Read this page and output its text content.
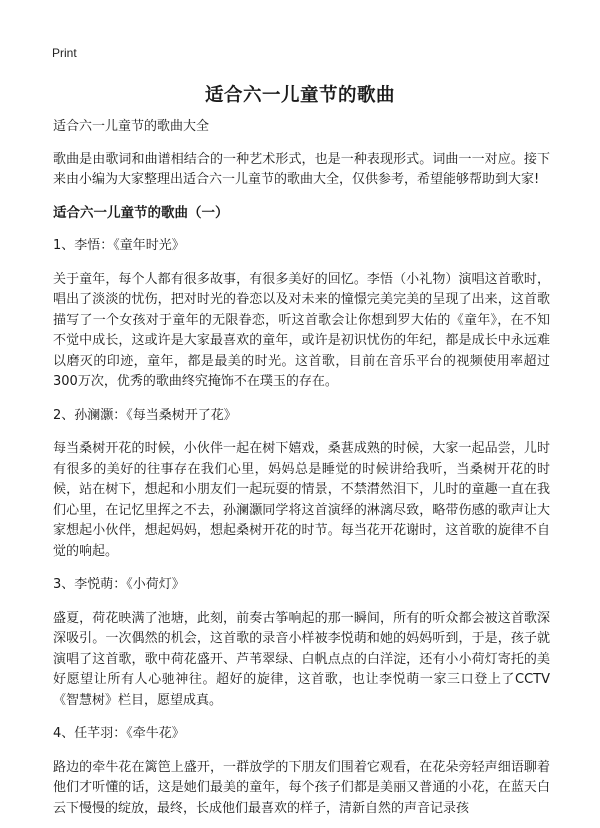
Print
适合六一儿童节的歌曲

适合六一儿童节的歌曲大全

歌曲是由歌词和曲谱相结合的一种艺术形式，也是一种表现形式。词曲一一对应。接下来由小编为大家整理出适合六一儿童节的歌曲大全，仅供参考，希望能够帮助到大家!

适合六一儿童节的歌曲（一）

1、李悟：《童年时光》

关于童年，每个人都有很多故事，有很多美好的回忆。李悟（小礼物）演唱这首歌时，唱出了淡淡的忧伤，把对时光的眷恋以及对未来的憧憬完美完美的呈现了出来，这首歌描写了一个女孩对于童年的无限眷恋，听这首歌会让你想到罗大佑的《童年》，在不知不觉中成长，这或许是大家最喜欢的童年，或许是初识忧伤的年纪，都是成长中永远难以磨灭的印迹，童年，都是最美的时光。这首歌，目前在音乐平台的视频使用率超过300万次，优秀的歌曲终究掩饰不在璞玉的存在。

2、孙澜灏：《每当桑树开了花》

每当桑树开花的时候，小伙伴一起在树下嬉戏，桑葚成熟的时候，大家一起品尝，儿时有很多的美好的往事存在我们心里，妈妈总是睡觉的时候讲给我听，当桑树开花的时候，站在树下，想起和小朋友们一起玩耍的情景，不禁潸然泪下，儿时的童趣一直在我们心里，在记忆里挥之不去，孙澜灏同学将这首演绎的淋漓尽致，略带伤感的歌声让大家想起小伙伴，想起妈妈，想起桑树开花的时节。每当花开花谢时，这首歌的旋律不自觉的响起。

3、李悦萌：《小荷灯》

盛夏，荷花映满了池塘，此刻，前奏古筝响起的那一瞬间，所有的听众都会被这首歌深深吸引。一次偶然的机会，这首歌的录音小样被李悦萌和她的妈妈听到，于是，孩子就演唱了这首歌，歌中荷花盛开、芦苇翠绿、白帆点点的白洋淀，还有小小荷灯寄托的美好愿望让所有人心驰神往。超好的旋律，这首歌，也让李悦萌一家三口登上了CCTV《智慧树》栏目，愿望成真。

4、任芊羽：《牵牛花》

路边的牵牛花在篱笆上盛开，一群放学的下朋友们围着它观看，在花朵旁轻声细语聊着他们才听懂的话，这是她们最美的童年，每个孩子们都是美丽又普通的小花，在蓝天白云下慢慢的绽放，最终，长成他们最喜欢的样子，清新自然的声音记录孩
